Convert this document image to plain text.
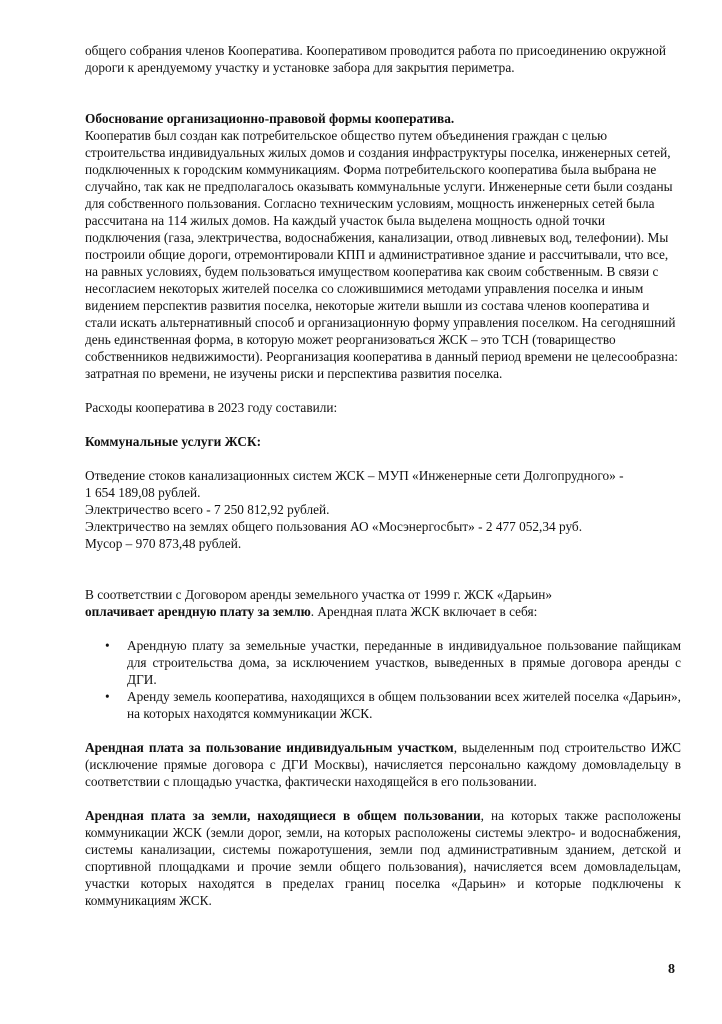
общего собрания членов Кооператива. Кооперативом проводится работа по присоединению окружной дороги к арендуемому участку и установке забора для закрытия периметра.

Обоснование организационно-правовой формы кооператива.

Кооператив был создан как потребительское общество путем объединения граждан с целью строительства индивидуальных жилых домов и создания инфраструктуры поселка, инженерных сетей, подключенных к городским коммуникациям. Форма потребительского кооператива была выбрана не случайно, так как не предполагалось оказывать коммунальные услуги. Инженерные сети были созданы для собственного пользования. Согласно техническим условиям, мощность инженерных сетей была рассчитана на 114 жилых домов. На каждый участок была выделена мощность одной точки подключения (газа, электричества, водоснабжения, канализации, отвод ливневых вод, телефонии). Мы построили общие дороги, отремонтировали КПП и административное здание и рассчитывали, что все, на равных условиях, будем пользоваться имуществом кооператива как своим собственным. В связи с несогласием некоторых жителей поселка со сложившимися методами управления поселка и иным видением перспектив развития поселка, некоторые жители вышли из состава членов кооператива и стали искать альтернативный способ и организационную форму управления поселком. На сегодняшний день единственная форма, в которую может реорганизоваться ЖСК – это ТСН (товарищество собственников недвижимости). Реорганизация кооператива в данный период времени не целесообразна: затратная по времени, не изучены риски и перспектива развития поселка.

Расходы кооператива в 2023 году составили:

Коммунальные услуги ЖСК:

Отведение стоков канализационных систем ЖСК – МУП «Инженерные сети Долгопрудного» -
1 654 189,08 рублей.
Электричество всего - 7 250 812,92 рублей.
Электричество на землях общего пользования АО «Мосэнергосбыт» - 2 477 052,34 руб.
Мусор – 970 873,48 рублей.

В соответствии с Договором аренды земельного участка от 1999 г. ЖСК «Дарьин»
оплачивает арендную плату за землю. Арендная плата ЖСК включает в себя:

• Арендную плату за земельные участки, переданные в индивидуальное пользование пайщикам для строительства дома, за исключением участков, выведенных в прямые договора аренды с ДГИ.
• Аренду земель кооператива, находящихся в общем пользовании всех жителей поселка «Дарьин», на которых находятся коммуникации ЖСК.

Арендная плата за пользование индивидуальным участком, выделенным под строительство ИЖС (исключение прямые договора с ДГИ Москвы), начисляется персонально каждому домовладельцу в соответствии с площадью участка, фактически находящейся в его пользовании.

Арендная плата за земли, находящиеся в общем пользовании, на которых также расположены коммуникации ЖСК (земли дорог, земли, на которых расположены системы электро- и водоснабжения, системы канализации, системы пожаротушения, земли под административным зданием, детской и спортивной площадками и прочие земли общего пользования), начисляется всем домовладельцам, участки которых находятся в пределах границ поселка «Дарьин» и которые подключены к коммуникациям ЖСК.

8
